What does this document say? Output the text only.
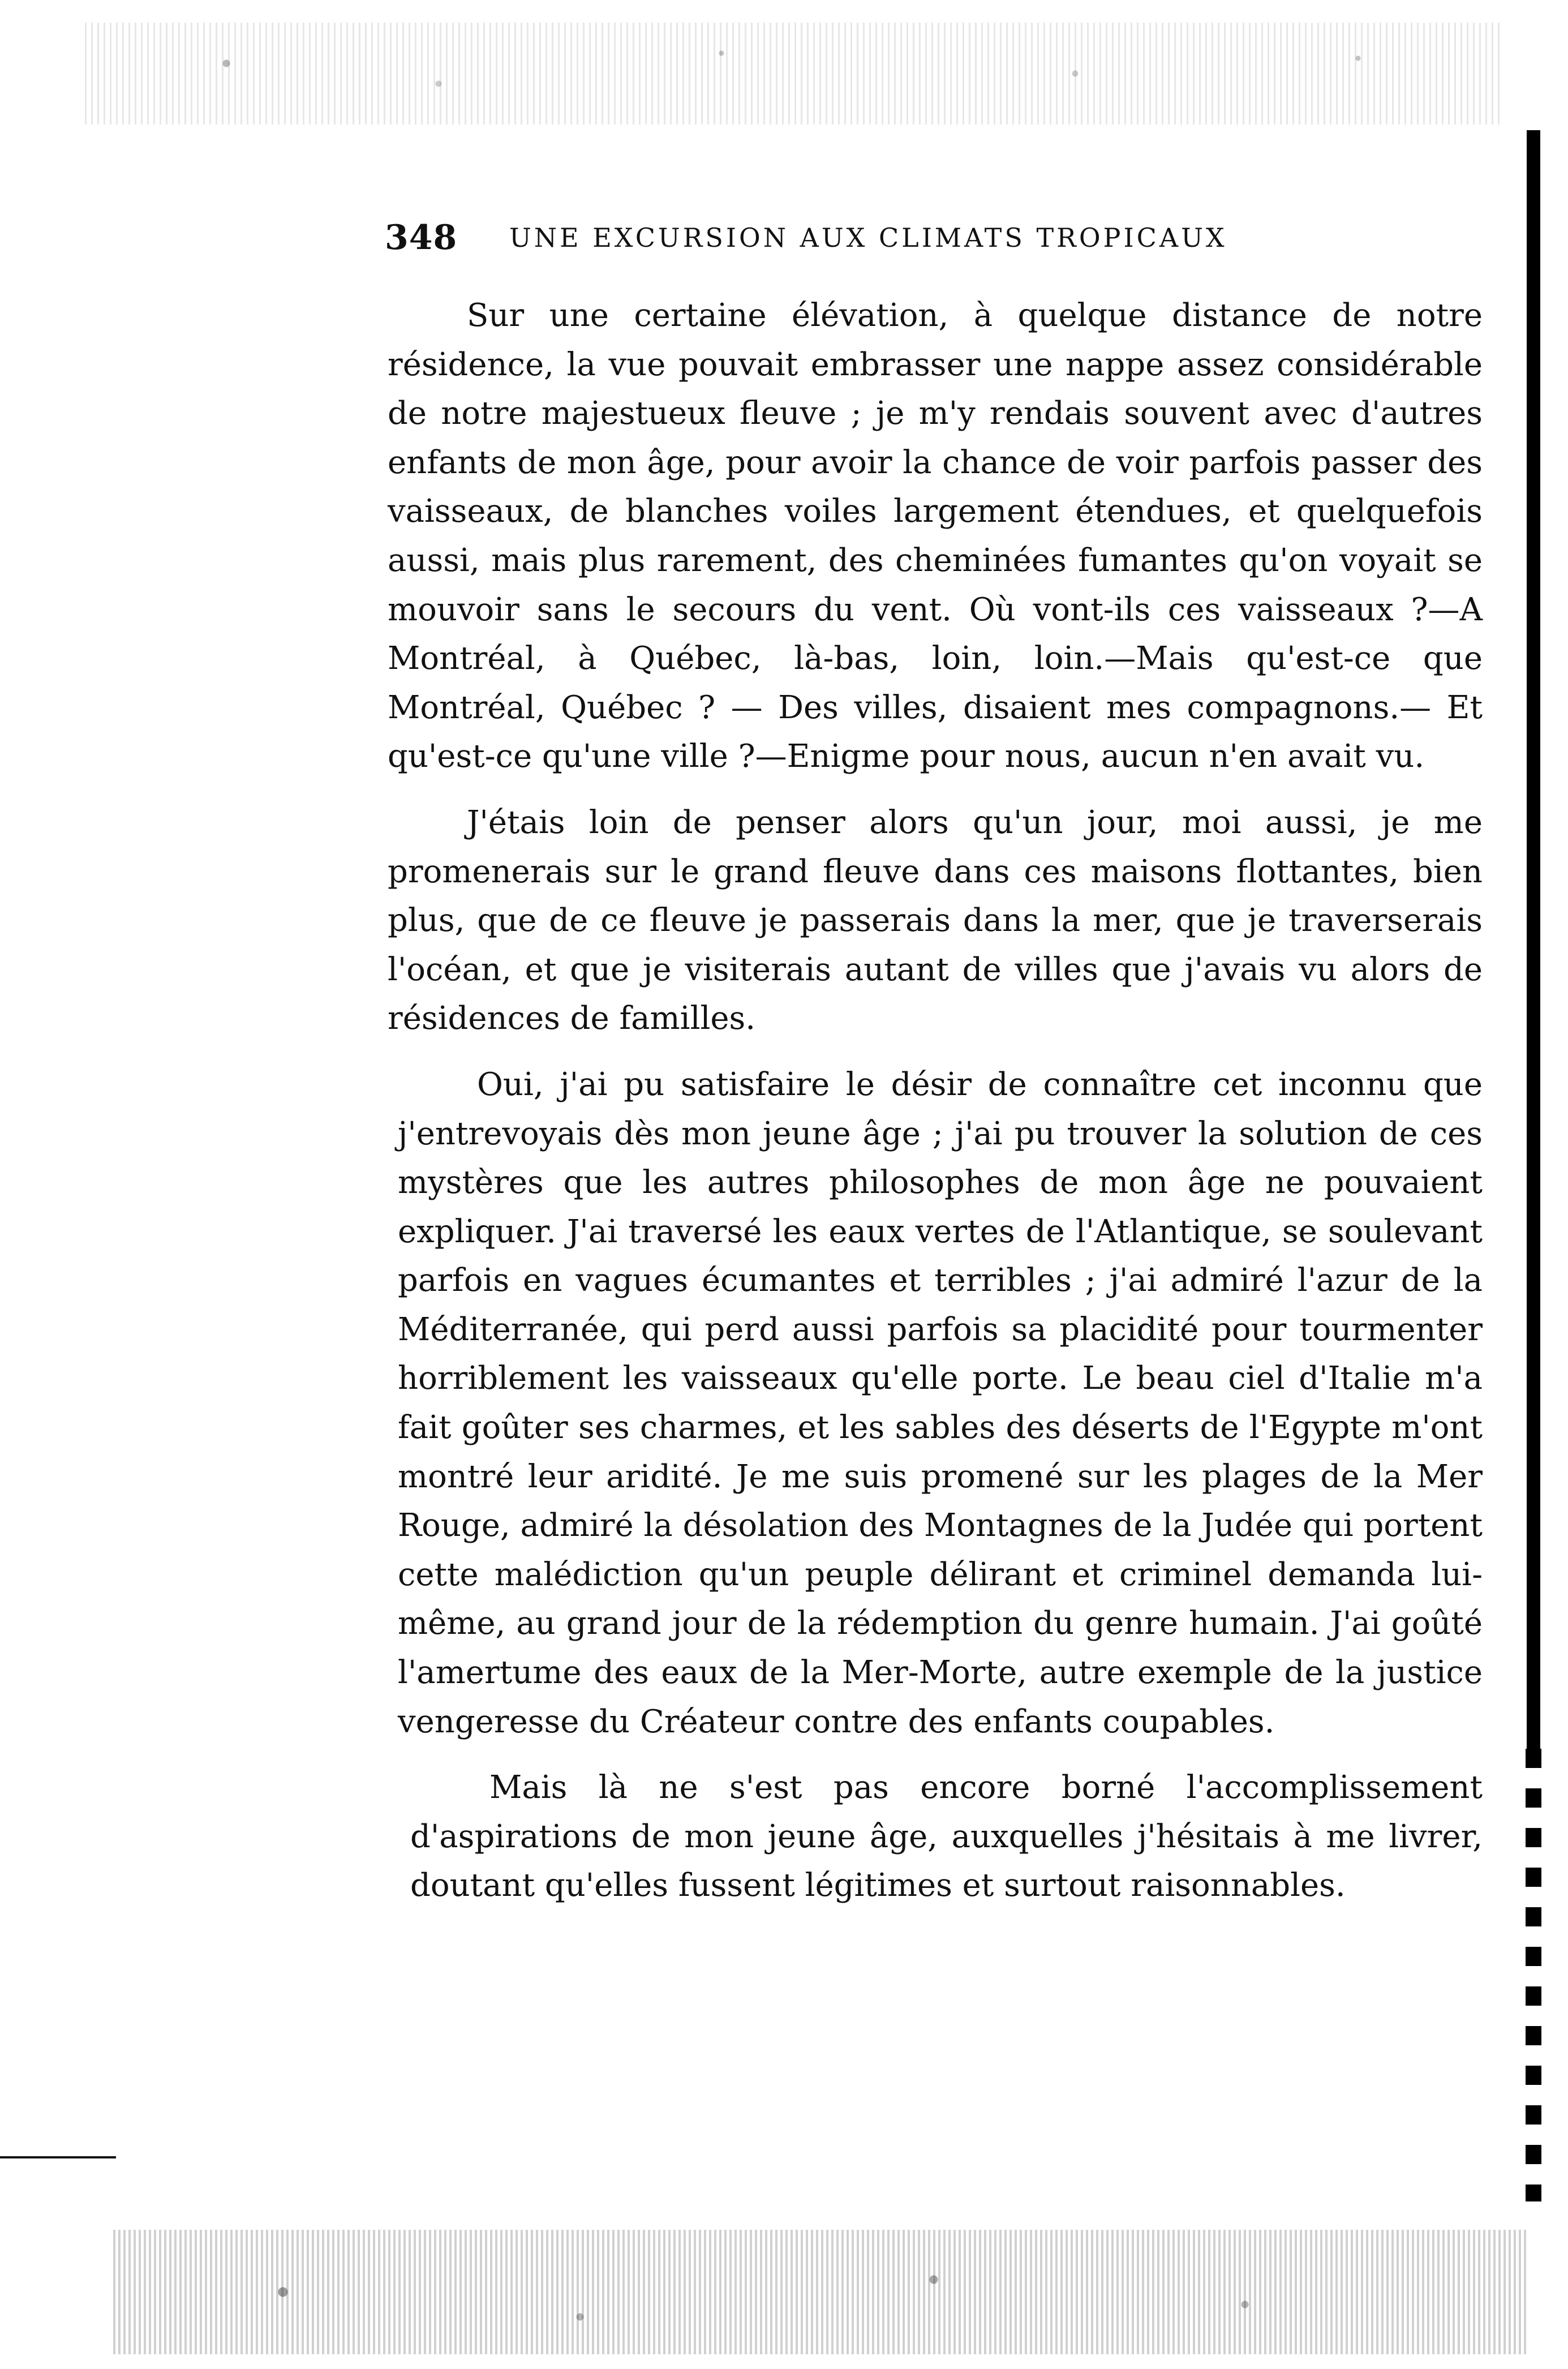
348 UNE EXCURSION AUX CLIMATS TROPICAUX

Sur une certaine élévation, à quelque distance de notre résidence, la vue pouvait embrasser une nappe assez considérable de notre majestueux fleuve ; je m'y rendais souvent avec d'autres enfants de mon âge, pour avoir la chance de voir parfois passer des vaisseaux, de blanches voiles largement étendues, et quelquefois aussi, mais plus rarement, des cheminées fumantes qu'on voyait se mouvoir sans le secours du vent. Où vont-ils ces vaisseaux ?—A Montréal, à Québec, là-bas, loin, loin.—Mais qu'est-ce que Montréal, Québec ? — Des villes, disaient mes compagnons.— Et qu'est-ce qu'une ville ?—Enigme pour nous, aucun n'en avait vu.

J'étais loin de penser alors qu'un jour, moi aussi, je me promenerais sur le grand fleuve dans ces maisons flottantes, bien plus, que de ce fleuve je passerais dans la mer, que je traverserais l'océan, et que je visiterais autant de villes que j'avais vu alors de résidences de familles.

Oui, j'ai pu satisfaire le désir de connaître cet inconnu que j'entrevoyais dès mon jeune âge ; j'ai pu trouver la solution de ces mystères que les autres philosophes de mon âge ne pouvaient expliquer. J'ai traversé les eaux vertes de l'Atlantique, se soulevant parfois en vagues écumantes et terribles ; j'ai admiré l'azur de la Méditerranée, qui perd aussi parfois sa placidité pour tourmenter horriblement les vaisseaux qu'elle porte. Le beau ciel d'Italie m'a fait goûter ses charmes, et les sables des déserts de l'Egypte m'ont montré leur aridité. Je me suis promené sur les plages de la Mer Rouge, admiré la désolation des Montagnes de la Judée qui portent cette malédiction qu'un peuple délirant et criminel demanda lui-même, au grand jour de la rédemption du genre humain. J'ai goûté l'amertume des eaux de la Mer-Morte, autre exemple de la justice vengeresse du Créateur contre des enfants coupables.

Mais là ne s'est pas encore borné l'accomplissement d'aspirations de mon jeune âge, auxquelles j'hésitais à me livrer, doutant qu'elles fussent légitimes et surtout raisonnables.
